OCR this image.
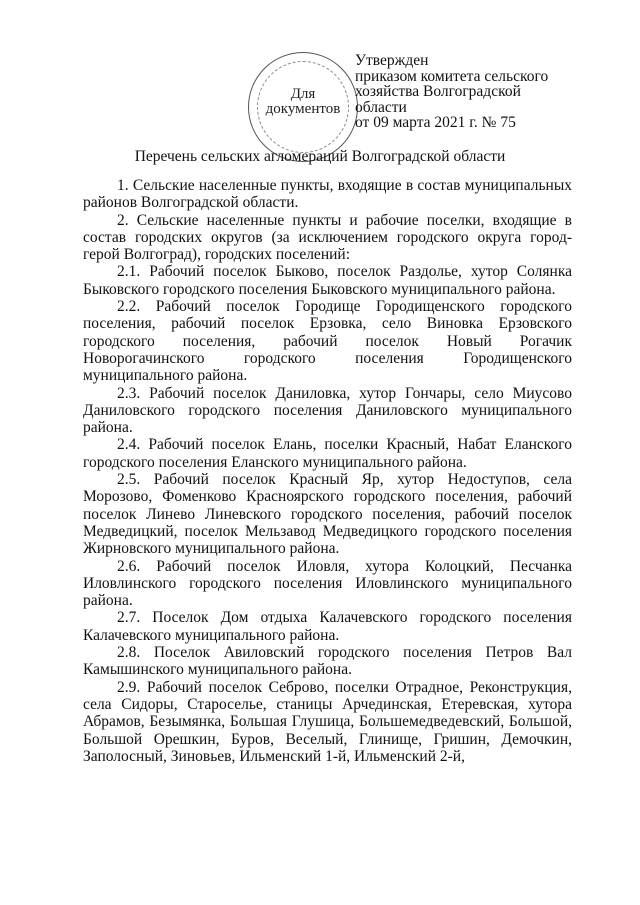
Для
документов
Утвержден
приказом комитета сельского
хозяйства Волгоградской
области
от 09 марта 2021 г. № 75
Перечень сельских агломераций Волгоградской области

1. Сельские населенные пункты, входящие в состав муниципальных районов Волгоградской области.

2. Сельские населенные пункты и рабочие поселки, входящие в состав городских округов (за исключением городского округа город-герой Волгоград), городских поселений:

2.1. Рабочий поселок Быково, поселок Раздолье, хутор Солянка Быковского городского поселения Быковского муниципального района.

2.2. Рабочий поселок Городище Городищенского городского поселения, рабочий поселок Ерзовка, село Виновка Ерзовского городского поселения, рабочий поселок Новый Рогачик Новорогачинского городского поселения Городищенского муниципального района.

2.3. Рабочий поселок Даниловка, хутор Гончары, село Миусово Даниловского городского поселения Даниловского муниципального района.

2.4. Рабочий поселок Елань, поселки Красный, Набат Еланского городского поселения Еланского муниципального района.

2.5. Рабочий поселок Красный Яр, хутор Недоступов, села Морозово, Фоменково Красноярского городского поселения, рабочий поселок Линево Линевского городского поселения, рабочий поселок Медведицкий, поселок Мельзавод Медведицкого городского поселения Жирновского муниципального района.

2.6. Рабочий поселок Иловля, хутора Колоцкий, Песчанка Иловлинского городского поселения Иловлинского муниципального района.

2.7. Поселок Дом отдыха Калачевского городского поселения Калачевского муниципального района.

2.8. Поселок Авиловский городского поселения Петров Вал Камышинского муниципального района.

2.9. Рабочий поселок Себрово, поселки Отрадное, Реконструкция, села Сидоры, Староселье, станицы Арчединская, Етеревская, хутора Абрамов, Безымянка, Большая Глушица, Большемедведевский, Большой, Большой Орешкин, Буров, Веселый, Глинище, Гришин, Демочкин, Заполосный, Зиновьев, Ильменский 1-й, Ильменский 2-й,
